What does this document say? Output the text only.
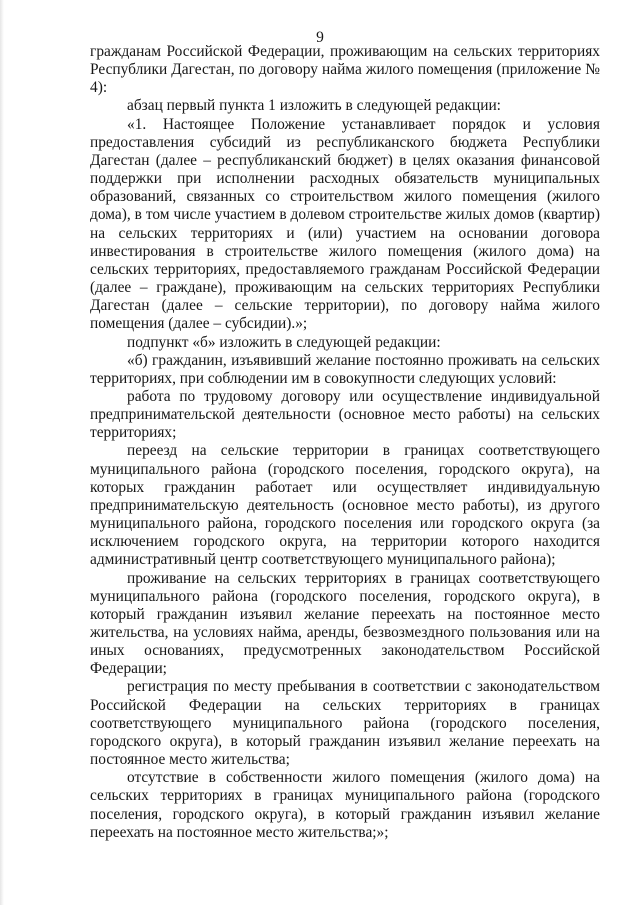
9

гражданам Российской Федерации, проживающим на сельских территориях Республики Дагестан, по договору найма жилого помещения (приложение № 4):

абзац первый пункта 1 изложить в следующей редакции:

«1. Настоящее Положение устанавливает порядок и условия предоставления субсидий из республиканского бюджета Республики Дагестан (далее – республиканский бюджет) в целях оказания финансовой поддержки при исполнении расходных обязательств муниципальных образований, связанных со строительством жилого помещения (жилого дома), в том числе участием в долевом строительстве жилых домов (квартир) на сельских территориях и (или) участием на основании договора инвестирования в строительстве жилого помещения (жилого дома) на сельских территориях, предоставляемого гражданам Российской Федерации (далее – граждане), проживающим на сельских территориях Республики Дагестан (далее – сельские территории), по договору найма жилого помещения (далее – субсидии).»;

подпункт «б» изложить в следующей редакции:

«б) гражданин, изъявивший желание постоянно проживать на сельских территориях, при соблюдении им в совокупности следующих условий:

работа по трудовому договору или осуществление индивидуальной предпринимательской деятельности (основное место работы) на сельских территориях;

переезд на сельские территории в границах соответствующего муниципального района (городского поселения, городского округа), на которых гражданин работает или осуществляет индивидуальную предпринимательскую деятельность (основное место работы), из другого муниципального района, городского поселения или городского округа (за исключением городского округа, на территории которого находится административный центр соответствующего муниципального района);

проживание на сельских территориях в границах соответствующего муниципального района (городского поселения, городского округа), в который гражданин изъявил желание переехать на постоянное место жительства, на условиях найма, аренды, безвозмездного пользования или на иных основаниях, предусмотренных законодательством Российской Федерации;

регистрация по месту пребывания в соответствии с законодательством Российской Федерации на сельских территориях в границах соответствующего муниципального района (городского поселения, городского округа), в который гражданин изъявил желание переехать на постоянное место жительства;

отсутствие в собственности жилого помещения (жилого дома) на сельских территориях в границах муниципального района (городского поселения, городского округа), в который гражданин изъявил желание переехать на постоянное место жительства;»;
